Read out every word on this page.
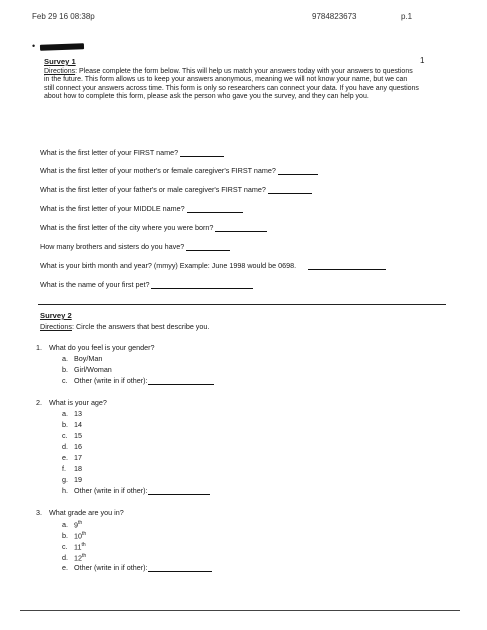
Feb 29 16 08:38p	9784823673	p.1
•
1
Survey 1
Directions: Please complete the form below. This will help us match your answers today with your answers to questions
in the future. This form allows us to keep your answers anonymous, meaning we will not know your name, but we can
still connect your answers across time. This form is only so researchers can connect your data. If you have any questions
about how to complete this form, please ask the person who gave you the survey, and they can help you.
What is the first letter of your FIRST name?
What is the first letter of your mother's or female caregiver's FIRST name?
What is the first letter of your father's or male caregiver's FIRST name?
What is the first letter of your MIDDLE name?
What is the first letter of the city where you were born?
How many brothers and sisters do you have?
What is your birth month and year? (mmyy) Example: June 1998 would be 0698.
What is the name of your first pet?
Survey 2
Directions: Circle the answers that best describe you.
1. What do you feel is your gender?
a. Boy/Man
b. Girl/Woman
c. Other (write in if other):
2. What is your age?
a. 13
b. 14
c. 15
d. 16
e. 17
f. 18
g. 19
h. Other (write in if other):
3. What grade are you in?
a. 9th
b. 10th
c. 11th
d. 12th
e. Other (write in if other):
